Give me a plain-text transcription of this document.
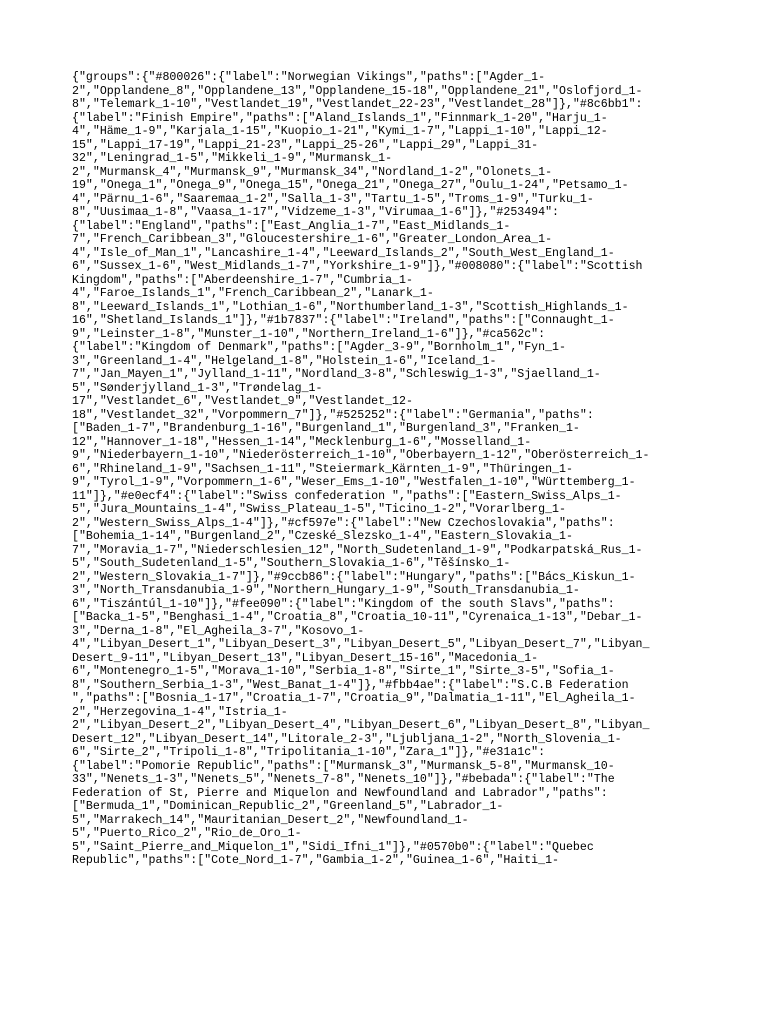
{"groups":{"#800026":{"label":"Norwegian Vikings","paths":["Agder_1-
2","Opplandene_8","Opplandene_13","Opplandene_15-18","Opplandene_21","Oslofjord_1-
8","Telemark_1-10","Vestlandet_19","Vestlandet_22-23","Vestlandet_28"]},"#8c6bb1":
{"label":"Finish Empire","paths":["Aland_Islands_1","Finnmark_1-20","Harju_1-
4","Häme_1-9","Karjala_1-15","Kuopio_1-21","Kymi_1-7","Lappi_1-10","Lappi_12-
15","Lappi_17-19","Lappi_21-23","Lappi_25-26","Lappi_29","Lappi_31-
32","Leningrad_1-5","Mikkeli_1-9","Murmansk_1-
2","Murmansk_4","Murmansk_9","Murmansk_34","Nordland_1-2","Olonets_1-
19","Onega_1","Onega_9","Onega_15","Onega_21","Onega_27","Oulu_1-24","Petsamo_1-
4","Pärnu_1-6","Saaremaa_1-2","Salla_1-3","Tartu_1-5","Troms_1-9","Turku_1-
8","Uusimaa_1-8","Vaasa_1-17","Vidzeme_1-3","Virumaa_1-6"]},"#253494":
{"label":"England","paths":["East_Anglia_1-7","East_Midlands_1-
7","French_Caribbean_3","Gloucestershire_1-6","Greater_London_Area_1-
4","Isle_of_Man_1","Lancashire_1-4","Leeward_Islands_2","South_West_England_1-
6","Sussex_1-6","West_Midlands_1-7","Yorkshire_1-9"]},"#008080":{"label":"Scottish
Kingdom","paths":["Aberdeenshire_1-7","Cumbria_1-
4","Faroe_Islands_1","French_Caribbean_2","Lanark_1-
8","Leeward_Islands_1","Lothian_1-6","Northumberland_1-3","Scottish_Highlands_1-
16","Shetland_Islands_1"]},"#1b7837":{"label":"Ireland","paths":["Connaught_1-
9","Leinster_1-8","Munster_1-10","Northern_Ireland_1-6"]},"#ca562c":
{"label":"Kingdom of Denmark","paths":["Agder_3-9","Bornholm_1","Fyn_1-
3","Greenland_1-4","Helgeland_1-8","Holstein_1-6","Iceland_1-
7","Jan_Mayen_1","Jylland_1-11","Nordland_3-8","Schleswig_1-3","Sjaelland_1-
5","Sønderjylland_1-3","Trøndelag_1-
17","Vestlandet_6","Vestlandet_9","Vestlandet_12-
18","Vestlandet_32","Vorpommern_7"]},"#525252":{"label":"Germania","paths":
["Baden_1-7","Brandenburg_1-16","Burgenland_1","Burgenland_3","Franken_1-
12","Hannover_1-18","Hessen_1-14","Mecklenburg_1-6","Mosselland_1-
9","Niederbayern_1-10","Niederösterreich_1-10","Oberbayern_1-12","Oberösterreich_1-
6","Rhineland_1-9","Sachsen_1-11","Steiermark_Kärnten_1-9","Thüringen_1-
9","Tyrol_1-9","Vorpommern_1-6","Weser_Ems_1-10","Westfalen_1-10","Württemberg_1-
11"]},"#e0ecf4":{"label":"Swiss confederation ","paths":["Eastern_Swiss_Alps_1-
5","Jura_Mountains_1-4","Swiss_Plateau_1-5","Ticino_1-2","Vorarlberg_1-
2","Western_Swiss_Alps_1-4"]},"#cf597e":{"label":"New Czechoslovakia","paths":
["Bohemia_1-14","Burgenland_2","Czeské_Slezsko_1-4","Eastern_Slovakia_1-
7","Moravia_1-7","Niederschlesien_12","North_Sudetenland_1-9","Podkarpatská_Rus_1-
5","South_Sudetenland_1-5","Southern_Slovakia_1-6","Těšínsko_1-
2","Western_Slovakia_1-7"]},"#9ccb86":{"label":"Hungary","paths":["Bács_Kiskun_1-
3","North_Transdanubia_1-9","Northern_Hungary_1-9","South_Transdanubia_1-
6","Tiszántúl_1-10"]},"#fee090":{"label":"Kingdom of the south Slavs","paths":
["Backa_1-5","Benghasi_1-4","Croatia_8","Croatia_10-11","Cyrenaica_1-13","Debar_1-
3","Derna_1-8","El_Agheila_3-7","Kosovo_1-
4","Libyan_Desert_1","Libyan_Desert_3","Libyan_Desert_5","Libyan_Desert_7","Libyan_
Desert_9-11","Libyan_Desert_13","Libyan_Desert_15-16","Macedonia_1-
6","Montenegro_1-5","Morava_1-10","Serbia_1-8","Sirte_1","Sirte_3-5","Sofia_1-
8","Southern_Serbia_1-3","West_Banat_1-4"]},"#fbb4ae":{"label":"S.C.B Federation
","paths":["Bosnia_1-17","Croatia_1-7","Croatia_9","Dalmatia_1-11","El_Agheila_1-
2","Herzegovina_1-4","Istria_1-
2","Libyan_Desert_2","Libyan_Desert_4","Libyan_Desert_6","Libyan_Desert_8","Libyan_
Desert_12","Libyan_Desert_14","Litorale_2-3","Ljubljana_1-2","North_Slovenia_1-
6","Sirte_2","Tripoli_1-8","Tripolitania_1-10","Zara_1"]},"#e31a1c":
{"label":"Pomorie Republic","paths":["Murmansk_3","Murmansk_5-8","Murmansk_10-
33","Nenets_1-3","Nenets_5","Nenets_7-8","Nenets_10"]},"#bebada":{"label":"The
Federation of St, Pierre and Miquelon and Newfoundland and Labrador","paths":
["Bermuda_1","Dominican_Republic_2","Greenland_5","Labrador_1-
5","Marrakech_14","Mauritanian_Desert_2","Newfoundland_1-
5","Puerto_Rico_2","Rio_de_Oro_1-
5","Saint_Pierre_and_Miquelon_1","Sidi_Ifni_1"]},"#0570b0":{"label":"Quebec
Republic","paths":["Cote_Nord_1-7","Gambia_1-2","Guinea_1-6","Haiti_1-
